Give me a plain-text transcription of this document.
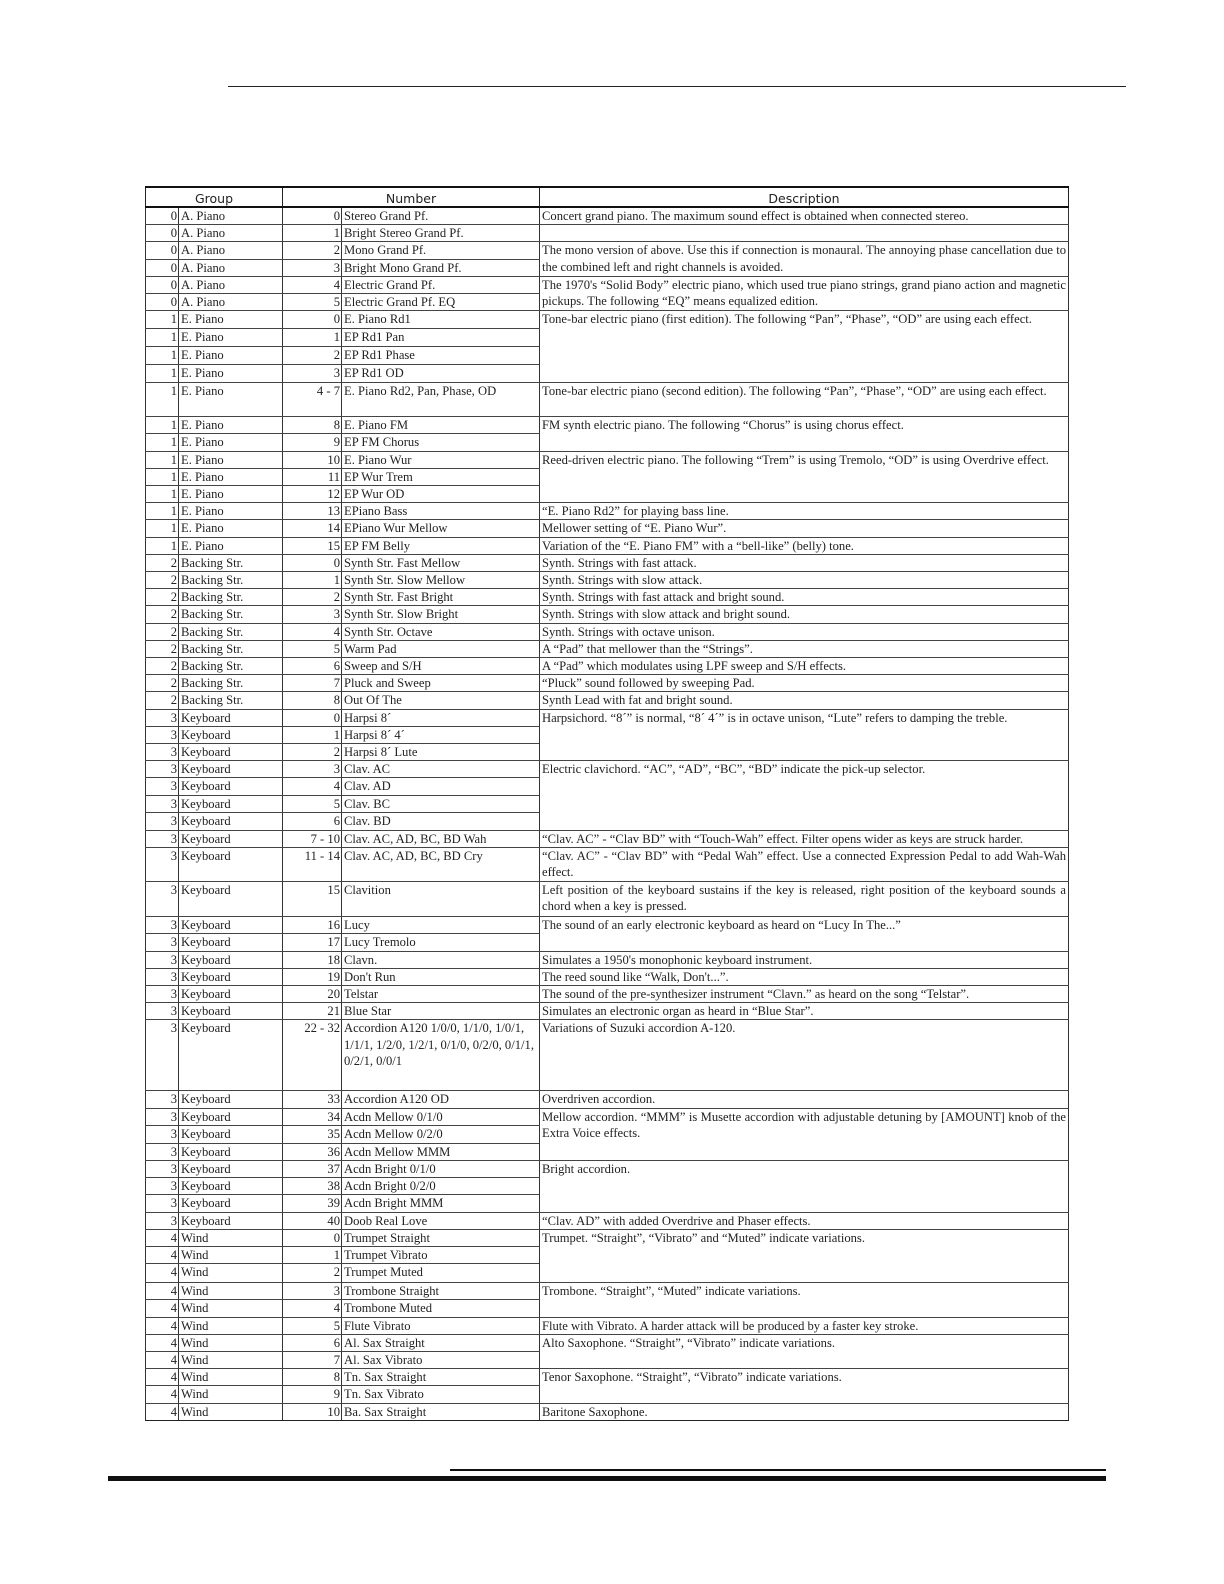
Group		Number		Description
0	A. Piano	0	Stereo Grand Pf.	Concert grand piano. The maximum sound effect is obtained when connected stereo.
0	A. Piano	1	Bright Stereo Grand Pf.	
0	A. Piano	2	Mono Grand Pf.	The mono version of above. Use this if connection is monaural. The annoying phase cancellation due to the combined left and right channels is avoided.
0	A. Piano	3	Bright Mono Grand Pf.	
0	A. Piano	4	Electric Grand Pf.	The 1970's “Solid Body” electric piano, which used true piano strings, grand piano action and magnetic pickups. The following “EQ” means equalized edition.
0	A. Piano	5	Electric Grand Pf. EQ	
1	E. Piano	0	E. Piano Rd1	Tone-bar electric piano (first edition). The following “Pan”, “Phase”, “OD” are using each effect.
1	E. Piano	1	EP Rd1 Pan	
1	E. Piano	2	EP Rd1 Phase	
1	E. Piano	3	EP Rd1 OD	
1	E. Piano	4 - 7	E. Piano Rd2, Pan, Phase, OD	Tone-bar electric piano (second edition). The following “Pan”, “Phase”, “OD” are using each effect.
1	E. Piano	8	E. Piano FM	FM synth electric piano. The following “Chorus” is using chorus effect.
1	E. Piano	9	EP FM Chorus	
1	E. Piano	10	E. Piano Wur	Reed-driven electric piano. The following “Trem” is using Tremolo, “OD” is using Overdrive effect.
1	E. Piano	11	EP Wur Trem	
1	E. Piano	12	EP Wur OD	
1	E. Piano	13	EPiano Bass	“E. Piano Rd2” for playing bass line.
1	E. Piano	14	EPiano Wur Mellow	Mellower setting of “E. Piano Wur”.
1	E. Piano	15	EP FM Belly	Variation of the “E. Piano FM” with a “bell-like” (belly) tone.
2	Backing Str.	0	Synth Str. Fast Mellow	Synth. Strings with fast attack.
2	Backing Str.	1	Synth Str. Slow Mellow	Synth. Strings with slow attack.
2	Backing Str.	2	Synth Str. Fast Bright	Synth. Strings with fast attack and bright sound.
2	Backing Str.	3	Synth Str. Slow Bright	Synth. Strings with slow attack and bright sound.
2	Backing Str.	4	Synth Str. Octave	Synth. Strings with octave unison.
2	Backing Str.	5	Warm Pad	A “Pad” that mellower than the “Strings”.
2	Backing Str.	6	Sweep and S/H	A “Pad” which modulates using LPF sweep and S/H effects.
2	Backing Str.	7	Pluck and Sweep	“Pluck” sound followed by sweeping Pad.
2	Backing Str.	8	Out Of The	Synth Lead with fat and bright sound.
3	Keyboard	0	Harpsi 8´	Harpsichord. “8´” is normal, “8´ 4´” is in octave unison, “Lute” refers to damping the treble.
3	Keyboard	1	Harpsi 8´ 4´	
3	Keyboard	2	Harpsi 8´ Lute	
3	Keyboard	3	Clav. AC	Electric clavichord. “AC”, “AD”, “BC”, “BD” indicate the pick-up selector.
3	Keyboard	4	Clav. AD	
3	Keyboard	5	Clav. BC	
3	Keyboard	6	Clav. BD	
3	Keyboard	7 - 10	Clav. AC, AD, BC, BD Wah	“Clav. AC” - “Clav BD” with “Touch-Wah” effect. Filter opens wider as keys are struck harder.
3	Keyboard	11 - 14	Clav. AC, AD, BC, BD Cry	“Clav. AC” - “Clav BD” with “Pedal Wah” effect. Use a connected Expression Pedal to add Wah-Wah effect.
3	Keyboard	15	Clavition	Left position of the keyboard sustains if the key is released, right position of the keyboard sounds a chord when a key is pressed.
3	Keyboard	16	Lucy	The sound of an early electronic keyboard as heard on “Lucy In The...”
3	Keyboard	17	Lucy Tremolo	
3	Keyboard	18	Clavn.	Simulates a 1950's monophonic keyboard instrument.
3	Keyboard	19	Don't Run	The reed sound like “Walk, Don't...”.
3	Keyboard	20	Telstar	The sound of the pre-synthesizer instrument “Clavn.” as heard on the song “Telstar”.
3	Keyboard	21	Blue Star	Simulates an electronic organ as heard in “Blue Star”.
3	Keyboard	22 - 32	Accordion A120 1/0/0, 1/1/0, 1/0/1, 1/1/1, 1/2/0, 1/2/1, 0/1/0, 0/2/0, 0/1/1, 0/2/1, 0/0/1	Variations of Suzuki accordion A-120.
3	Keyboard	33	Accordion A120 OD	Overdriven accordion.
3	Keyboard	34	Acdn Mellow 0/1/0	Mellow accordion. “MMM” is Musette accordion with adjustable detuning by [AMOUNT] knob of the Extra Voice effects.
3	Keyboard	35	Acdn Mellow 0/2/0	
3	Keyboard	36	Acdn Mellow MMM	
3	Keyboard	37	Acdn Bright 0/1/0	Bright accordion.
3	Keyboard	38	Acdn Bright 0/2/0	
3	Keyboard	39	Acdn Bright MMM	
3	Keyboard	40	Doob Real Love	“Clav. AD” with added Overdrive and Phaser effects.
4	Wind	0	Trumpet Straight	Trumpet. “Straight”, “Vibrato” and “Muted” indicate variations.
4	Wind	1	Trumpet Vibrato	
4	Wind	2	Trumpet Muted	
4	Wind	3	Trombone Straight	Trombone. “Straight”, “Muted” indicate variations.
4	Wind	4	Trombone Muted	
4	Wind	5	Flute Vibrato	Flute with Vibrato. A harder attack will be produced by a faster key stroke.
4	Wind	6	Al. Sax Straight	Alto Saxophone. “Straight”, “Vibrato” indicate variations.
4	Wind	7	Al. Sax Vibrato	
4	Wind	8	Tn. Sax Straight	Tenor Saxophone. “Straight”, “Vibrato” indicate variations.
4	Wind	9	Tn. Sax Vibrato	
4	Wind	10	Ba. Sax Straight	Baritone Saxophone.
